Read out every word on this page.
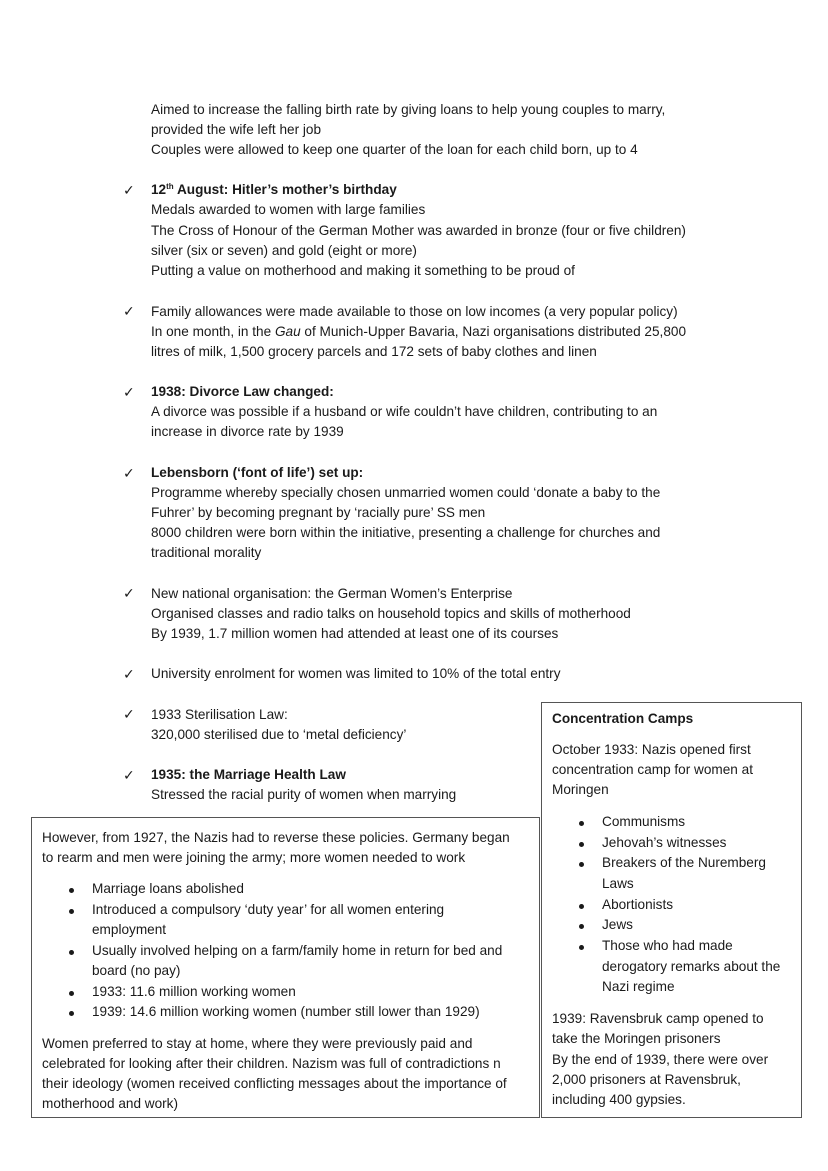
Aimed to increase the falling birth rate by giving loans to help young couples to marry,
provided the wife left her job
Couples were allowed to keep one quarter of the loan for each child born, up to 4
✓ 12th August: Hitler’s mother’s birthday
Medals awarded to women with large families
The Cross of Honour of the German Mother was awarded in bronze (four or five children)
silver (six or seven) and gold (eight or more)
Putting a value on motherhood and making it something to be proud of
✓ Family allowances were made available to those on low incomes (a very popular policy)
In one month, in the Gau of Munich-Upper Bavaria, Nazi organisations distributed 25,800
litres of milk, 1,500 grocery parcels and 172 sets of baby clothes and linen
✓ 1938: Divorce Law changed:
A divorce was possible if a husband or wife couldn’t have children, contributing to an
increase in divorce rate by 1939
✓ Lebensborn (‘font of life’) set up:
Programme whereby specially chosen unmarried women could ‘donate a baby to the
Fuhrer’ by becoming pregnant by ‘racially pure’ SS men
8000 children were born within the initiative, presenting a challenge for churches and
traditional morality
✓ New national organisation: the German Women’s Enterprise
Organised classes and radio talks on household topics and skills of motherhood
By 1939, 1.7 million women had attended at least one of its courses
✓ University enrolment for women was limited to 10% of the total entry
✓ 1933 Sterilisation Law:
320,000 sterilised due to ‘metal deficiency’
✓ 1935: the Marriage Health Law
Stressed the racial purity of women when marrying
However, from 1927, the Nazis had to reverse these policies. Germany began
to rearm and men were joining the army; more women needed to work
Marriage loans abolished
Introduced a compulsory ‘duty year’ for all women entering
employment
Usually involved helping on a farm/family home in return for bed and
board (no pay)
1933: 11.6 million working women
1939: 14.6 million working women (number still lower than 1929)
Women preferred to stay at home, where they were previously paid and
celebrated for looking after their children. Nazism was full of contradictions n
their ideology (women received conflicting messages about the importance of
motherhood and work)
Concentration Camps
October 1933: Nazis opened first
concentration camp for women at
Moringen
Communisms
Jehovah’s witnesses
Breakers of the Nuremberg
Laws
Abortionists
Jews
Those who had made
derogatory remarks about the
Nazi regime
1939: Ravensbruk camp opened to
take the Moringen prisoners
By the end of 1939, there were over
2,000 prisoners at Ravensbruk,
including 400 gypsies.
